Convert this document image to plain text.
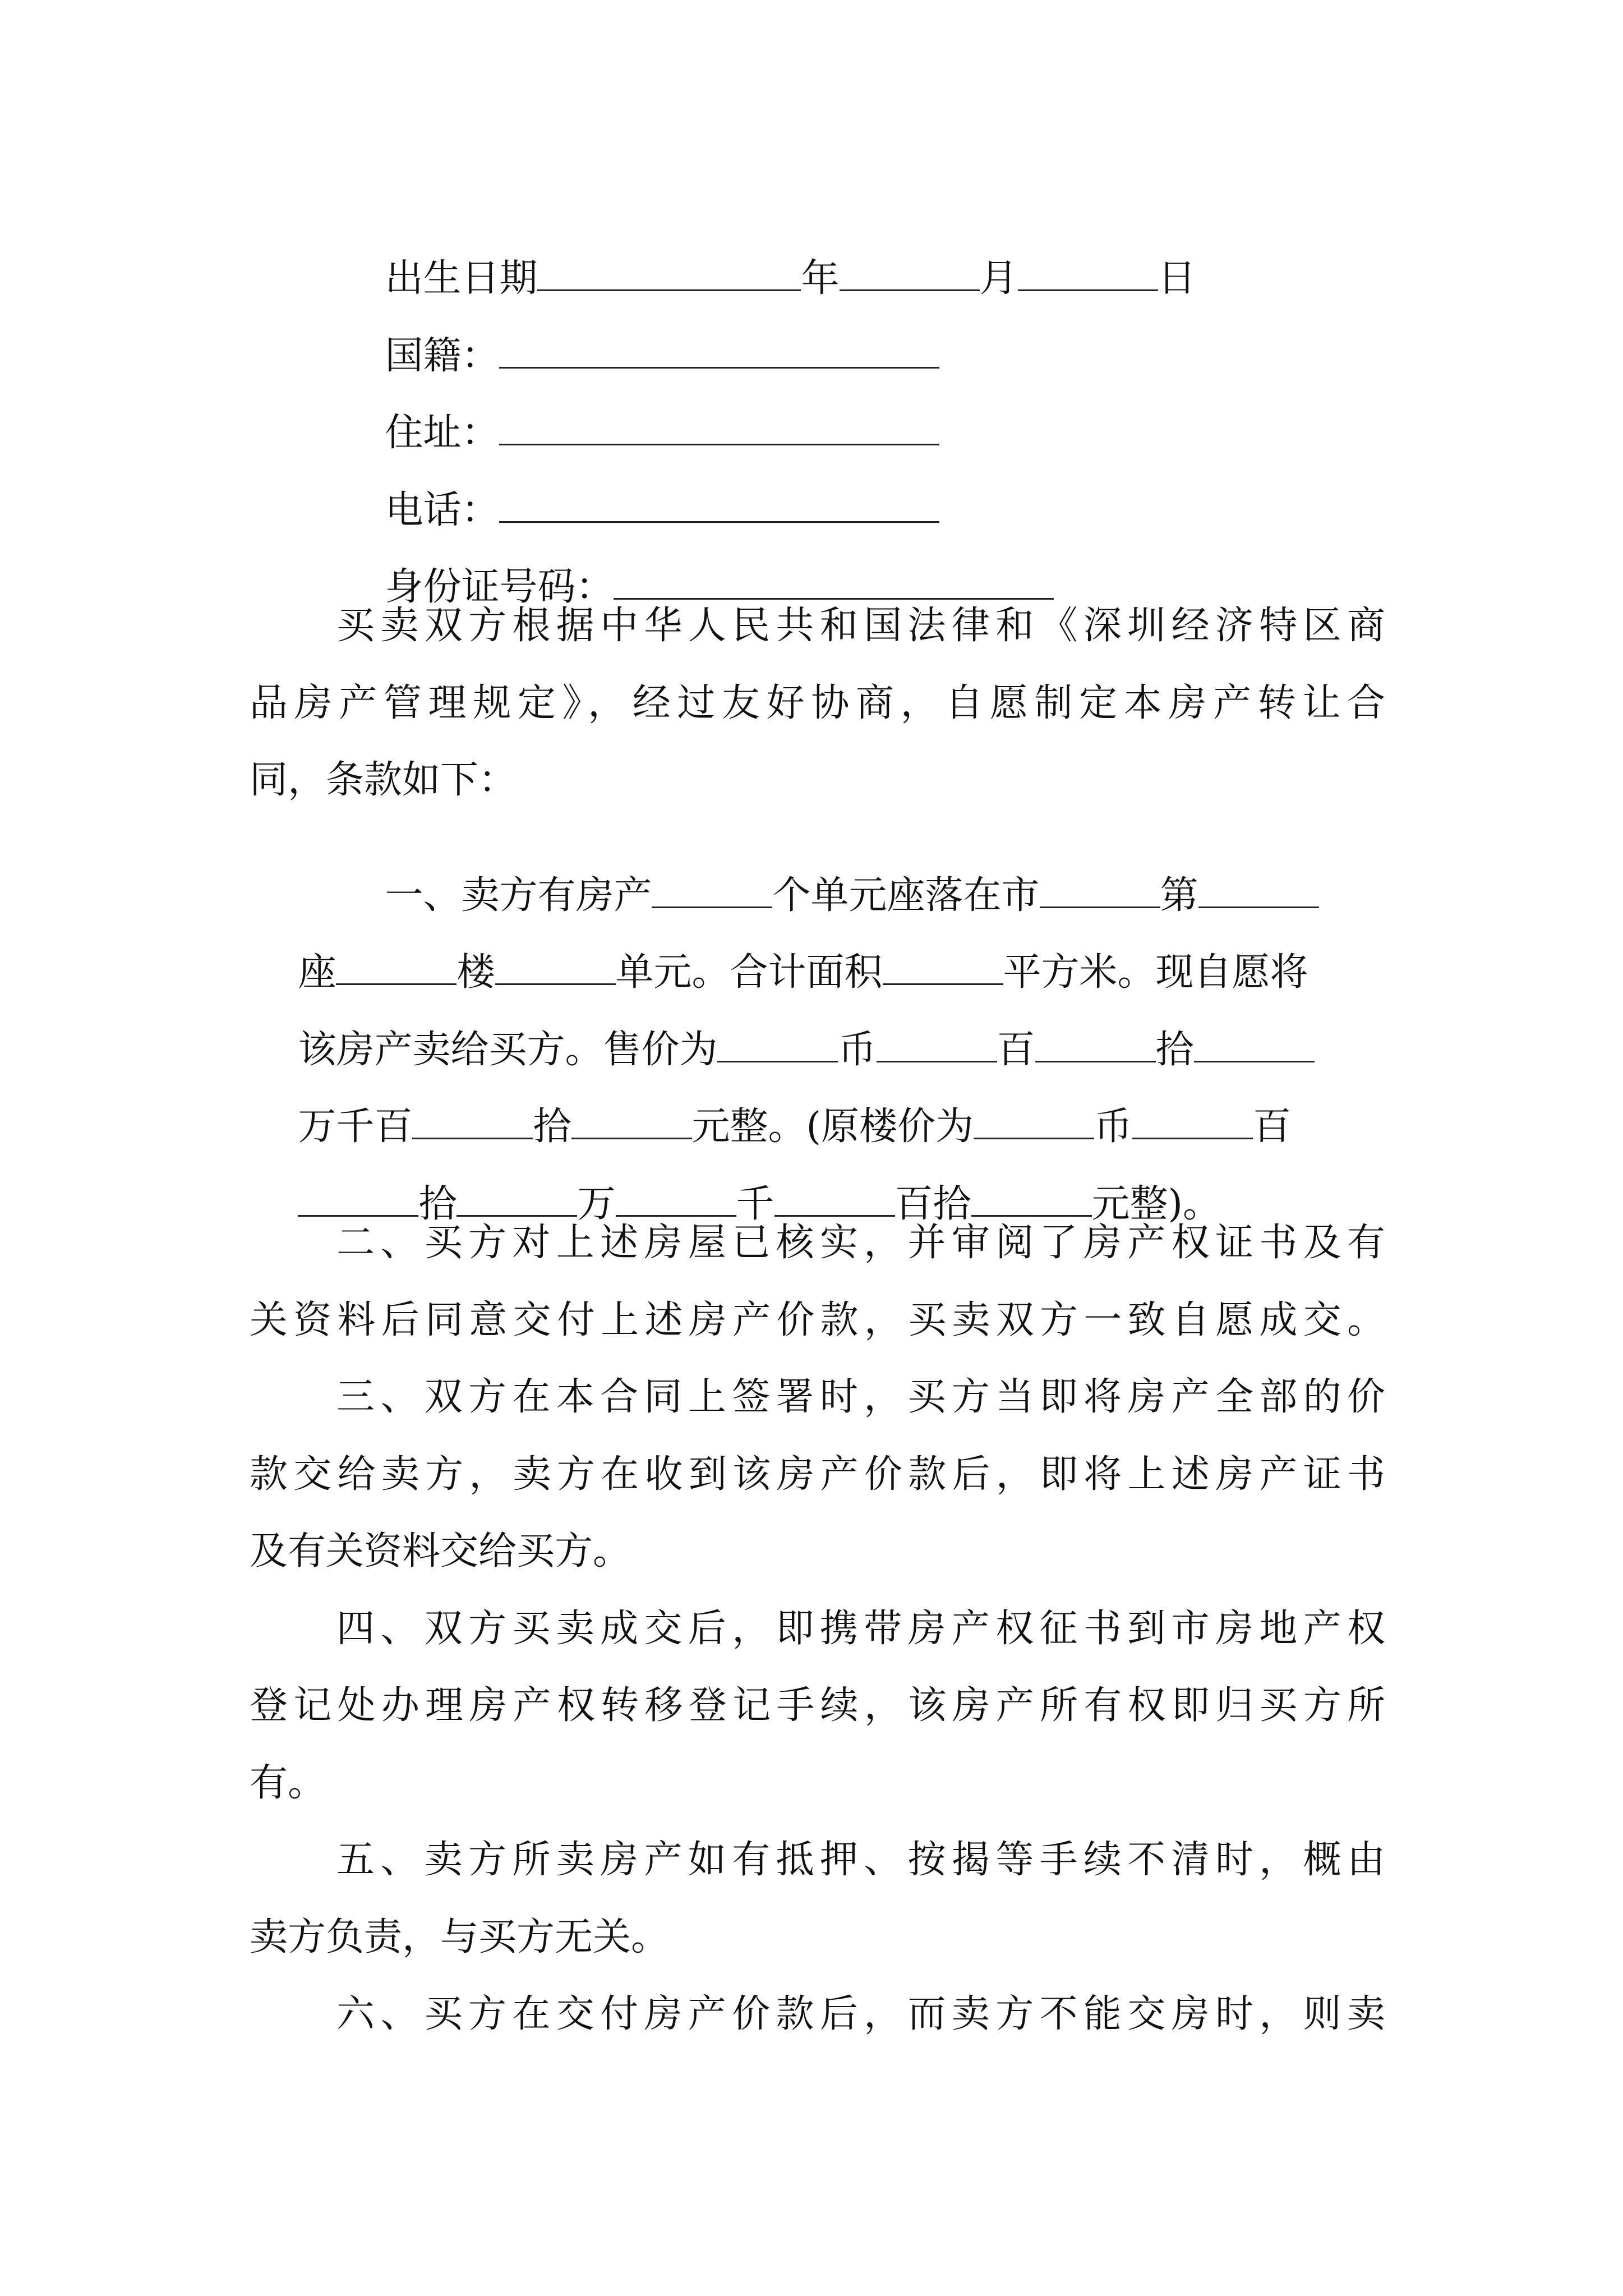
出生日期	年	月	日

国籍：

住址：

电话：

身份证号码：

买卖双方根据中华人民共和国法律和《深圳经济特区商
品房产管理规定》，经过友好协商，自愿制定本房产转让合
同，条款如下：

一、卖方有房产	个单元座落在市	第

座	楼	单元。合计面积	平方米。现自愿将

该房产卖给买方。售价为	币	百	拾

万千百	拾	元整。(原楼价为	币	百

拾	万	千	百拾	元整)。

二、买方对上述房屋已核实，并审阅了房产权证书及有
关资料后同意交付上述房产价款，买卖双方一致自愿成交。
三、双方在本合同上签署时，买方当即将房产全部的价
款交给卖方，卖方在收到该房产价款后，即将上述房产证书
及有关资料交给买方。
四、双方买卖成交后，即携带房产权征书到市房地产权
登记处办理房产权转移登记手续，该房产所有权即归买方所
有。
五、卖方所卖房产如有抵押、按揭等手续不清时，概由
卖方负责，与买方无关。
六、买方在交付房产价款后，而卖方不能交房时，则卖
